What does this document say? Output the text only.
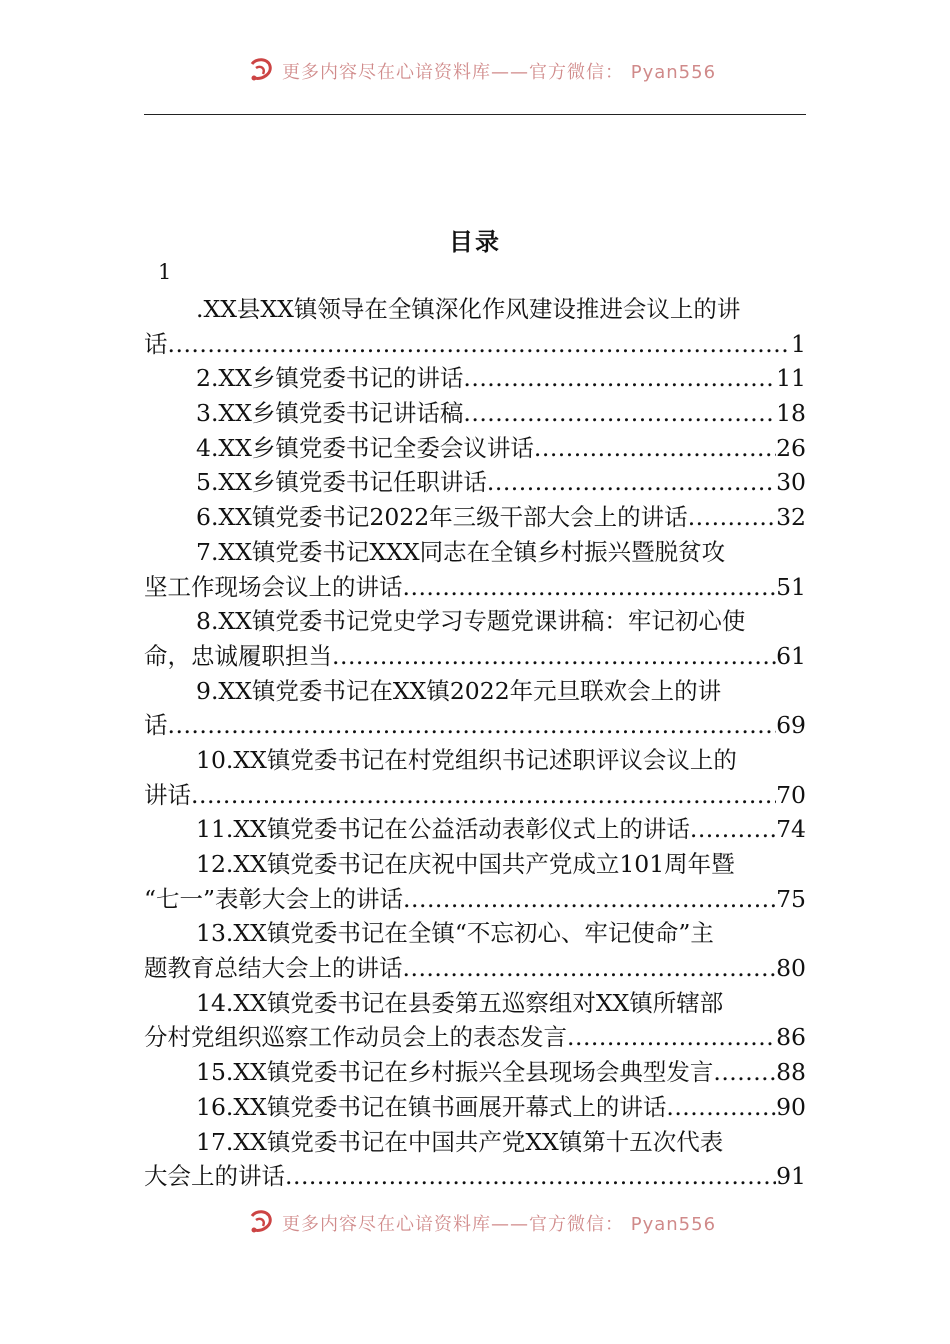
更多内容尽在心谙资料库——官方微信： Pyan556
目录
1
.XX县XX镇领导在全镇深化作风建设推进会议上的讲
话 .....	1
2.XX乡镇党委书记的讲话 .....	11
3.XX乡镇党委书记讲话稿 .....	18
4.XX乡镇党委书记全委会议讲话 .....	26
5.XX乡镇党委书记任职讲话 .....	30
6.XX镇党委书记2022年三级干部大会上的讲话 .....	32
7.XX镇党委书记XXX同志在全镇乡村振兴暨脱贫攻
坚工作现场会议上的讲话 .....	51
8.XX镇党委书记党史学习专题党课讲稿：牢记初心使
命，忠诚履职担当 .....	61
9.XX镇党委书记在XX镇2022年元旦联欢会上的讲
话 .....	69
10.XX镇党委书记在村党组织书记述职评议会议上的
讲话 .....	70
11.XX镇党委书记在公益活动表彰仪式上的讲话 .....	74
12.XX镇党委书记在庆祝中国共产党成立101周年暨
“七一”表彰大会上的讲话 .....	75
13.XX镇党委书记在全镇“不忘初心、牢记使命”主
题教育总结大会上的讲话 .....	80
14.XX镇党委书记在县委第五巡察组对XX镇所辖部
分村党组织巡察工作动员会上的表态发言 .....	86
15.XX镇党委书记在乡村振兴全县现场会典型发言 .....	88
16.XX镇党委书记在镇书画展开幕式上的讲话 .....	90
17.XX镇党委书记在中国共产党XX镇第十五次代表
大会上的讲话 .....	91
更多内容尽在心谙资料库——官方微信： Pyan556
